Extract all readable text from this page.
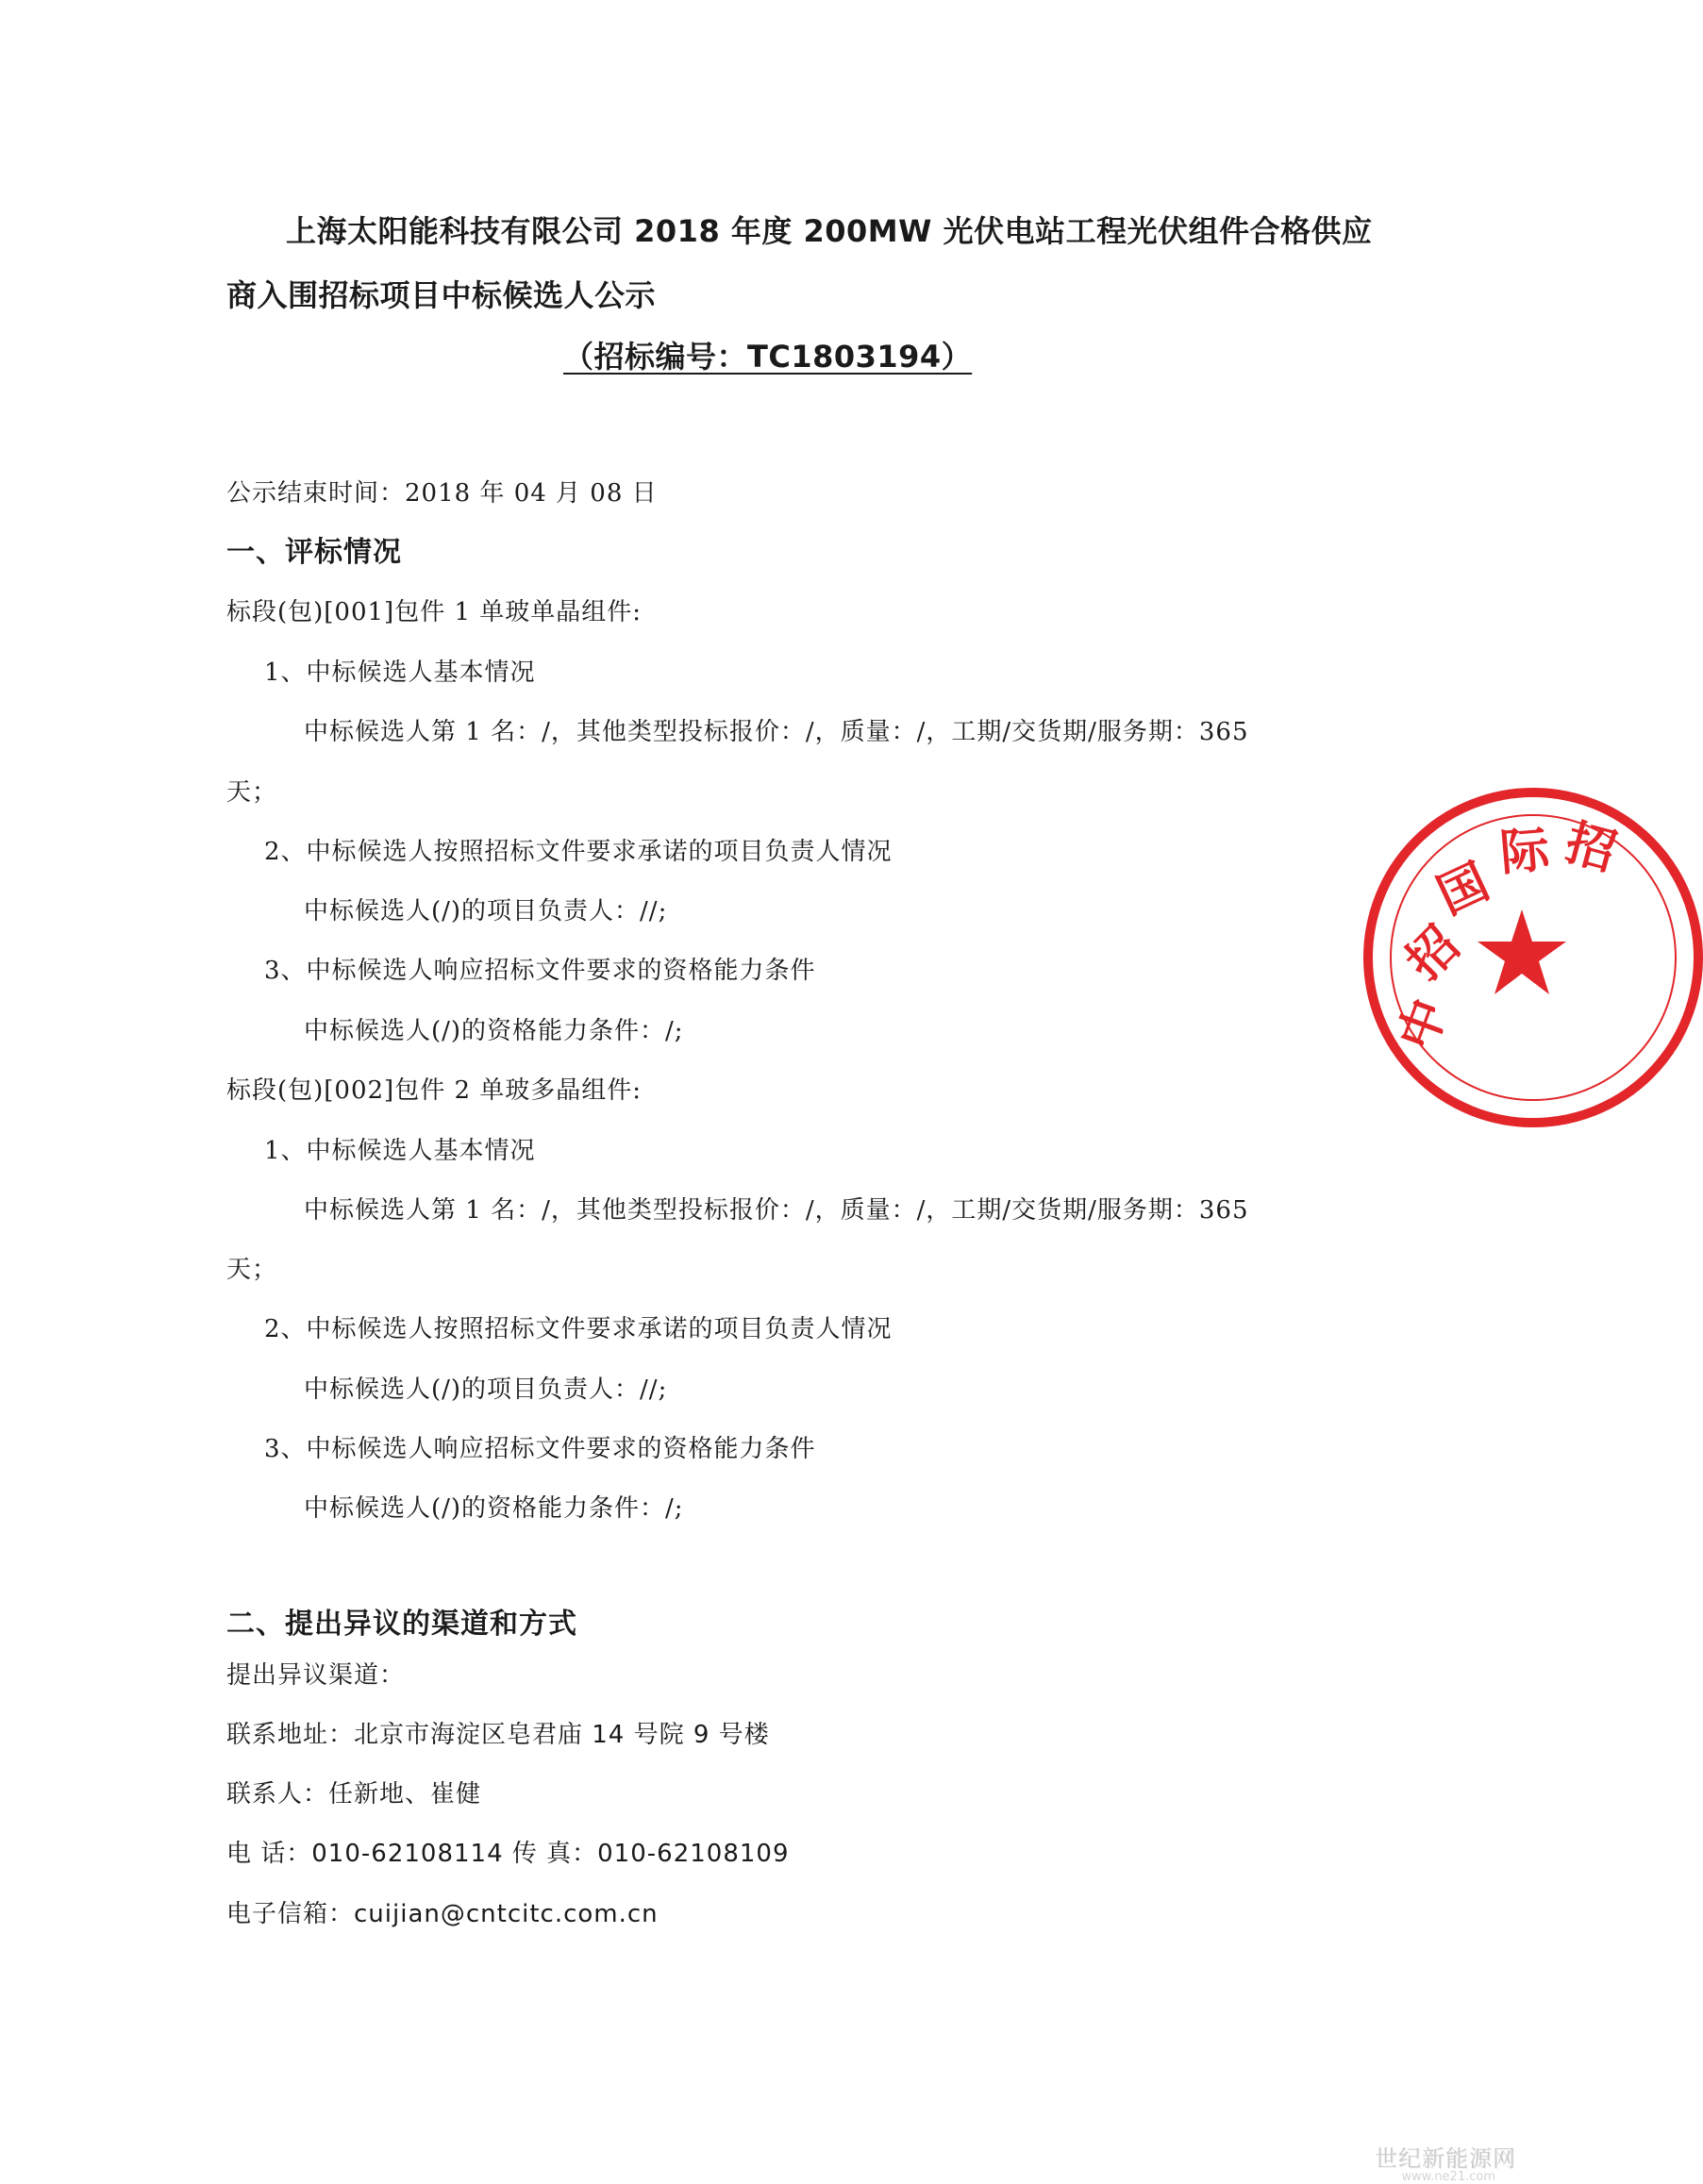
上海太阳能科技有限公司 2018 年度 200MW 光伏电站工程光伏组件合格供应
商入围招标项目中标候选人公示
（招标编号：TC1803194）
公示结束时间：2018 年 04 月 08 日
一、评标情况
标段(包)[001]包件 1 单玻单晶组件:
1、中标候选人基本情况
中标候选人第 1 名：/，其他类型投标报价：/，质量：/，工期/交货期/服务期：365
天；
2、中标候选人按照招标文件要求承诺的项目负责人情况
中标候选人(/)的项目负责人：//;
3、中标候选人响应招标文件要求的资格能力条件
中标候选人(/)的资格能力条件：/;
标段(包)[002]包件 2 单玻多晶组件:
1、中标候选人基本情况
中标候选人第 1 名：/，其他类型投标报价：/，质量：/，工期/交货期/服务期：365
天；
2、中标候选人按照招标文件要求承诺的项目负责人情况
中标候选人(/)的项目负责人：//;
3、中标候选人响应招标文件要求的资格能力条件
中标候选人(/)的资格能力条件：/;
二、提出异议的渠道和方式
提出异议渠道：
联系地址：北京市海淀区皂君庙 14 号院 9 号楼
联系人：任新地、崔健
电 话：010-62108114 传 真：010-62108109
电子信箱：cuijian@cntcitc.com.cn
中
招
国
际 招
世纪新能源网
www.ne21.com
